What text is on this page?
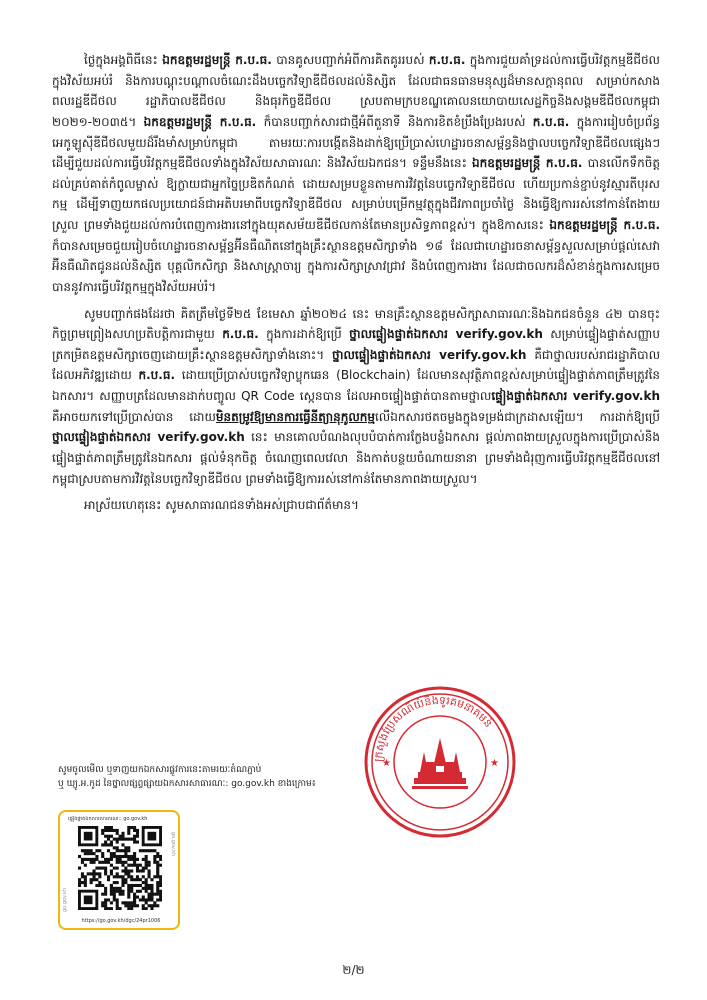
ថ្ងៃក្នុងអង្គពិធីនេះ ឯកឧត្តមរដ្ឋមន្ត្រី ក.ប.ធ. បានគូសបញ្ជាក់អំពីការគិតគូររបស់ ក.ប.ធ. ក្នុងការជួយគាំទ្រដល់ការធ្វើបរិវត្តកម្មឌីជីថលក្នុងវិស័យអប់រំ និងការបណ្ដុះបណ្ដាលចំណេះដឹងបច្ចេកវិទ្យាឌីជីថលដល់និស្សិត ដែលជាធនធានមនុស្សដ៏មានសក្តានុពល សម្រាប់កសាងពលរដ្ឋឌីជីថល រដ្ឋាភិបាលឌីជីថល និងធុរកិច្ចឌីជីថល ស្របតាមក្របខណ្ឌគោលនយោបាយសេដ្ឋកិច្ចនិងសង្គមឌីជីថលកម្ពុជា ២០២១-២០៣៥។ ឯកឧត្តមរដ្ឋមន្ត្រី ក.ប.ធ. ក៏បានបញ្ជាក់សារជាថ្មីអំពីតួនាទី និងការខិតខំប្រឹងប្រែងរបស់ ក.ប.ធ. ក្នុងការរៀបចំប្រព័ន្ធអេកូឡូស៊ីឌីជីថលមួយដ៏រឹងមាំសម្រាប់កម្ពុជា តាមរយៈការបង្កើតនិងដាក់ឱ្យប្រើប្រាស់ហេដ្ឋារចនាសម្ព័ន្ធនិងថ្នាលបច្ចេកវិទ្យាឌីជីថលផ្សេងៗ ដើម្បីជួយដល់ការធ្វើបរិវត្តកម្មឌីជីថលទាំងក្នុងវិស័យសាធារណៈ និងវិស័យឯកជន។ ទន្ទឹមនឹងនេះ ឯកឧត្តមរដ្ឋមន្ត្រី ក.ប.ធ. បានលើកទឹកចិត្តដល់គ្រប់គាត់កំពូលម្ចាស់ ឱ្យក្លាយជាអ្នកច្នៃប្រឌិតកំណត់ ដោយសម្របខ្លួនតាមការវិវត្តនៃបច្ចេកវិទ្យាឌីជីថល ហើយប្រកាន់ខ្ជាប់នូវស្មារតីបុរសកម្ម ដើម្បីទាញយកផលប្រយោជន៍ជាអតិបរមាពីបច្ចេកវិទ្យាឌីជីថល សម្រាប់បម្រើកម្មវត្ថុក្នុងជីវភាពប្រចាំថ្ងៃ និងធ្វើឱ្យការរស់នៅកាន់តែងាយស្រួល ព្រមទាំងជួយដល់ការបំពេញការងារនៅក្នុងយុគសម័យឌីជីថលកាន់តែមានប្រសិទ្ធភាពខ្ពស់។ ក្នុងឱកាសនេះ ឯកឧត្តមរដ្ឋមន្ត្រី ក.ប.ធ. ក៏បានសម្រេចជួយរៀបចំហេដ្ឋារចនាសម្ព័ន្ធអ៊ីនធឺណិតនៅក្នុងគ្រឹះស្ថានឧត្តមសិក្សាទាំង ១៨ ដែលជាហេដ្ឋារចនាសម្ព័ន្ធសួលសម្រាប់ផ្ដល់សេវាអ៊ីនធឺណិតជូនដល់និស្សិត បុគ្គលិកសិក្សា និងសាស្ត្រាចារ្យ ក្នុងការសិក្សាស្រាវជ្រាវ និងបំពេញការងារ ដែលជាចលករដ៏សំខាន់ក្នុងការសម្រេចបាននូវការធ្វើបរិវត្តកម្មក្នុងវិស័យអប់រំ។

សូមបញ្ជាក់ផងដែរថា គិតត្រឹមថ្ងៃទី២៥ ខែមេសា ឆ្នាំ២០២៤ នេះ មានគ្រឹះស្ថានឧត្តមសិក្សាសាធារណៈនិងឯកជនចំនួន ៤២ បានចុះកិច្ចព្រមព្រៀងសហប្រតិបត្តិការជាមួយ ក.ប.ធ. ក្នុងការដាក់ឱ្យប្រើ ថ្នាលផ្ទៀងផ្ទាត់ឯកសារ verify.gov.kh សម្រាប់ផ្ទៀងផ្ទាត់សញ្ញាបត្រកម្រិតឧត្តមសិក្សាចេញដោយគ្រឹះស្ថានឧត្តមសិក្សាទាំងនោះ។ ថ្នាលផ្ទៀងផ្ទាត់ឯកសារ verify.gov.kh គឺជាថ្នាលរបស់រាជរដ្ឋាភិបាល ដែលអភិវឌ្ឍដោយ ក.ប.ធ. ដោយប្រើប្រាស់បច្ចេកវិទ្យាប្លុកឆេន (Blockchain) ដែលមានសុវត្ថិភាពខ្ពស់សម្រាប់ផ្ទៀងផ្ទាត់ភាពត្រឹមត្រូវនៃឯកសារ។ សញ្ញាបត្រដែលមានដាក់បញ្ចូល QR Code ស្កេនបាន ដែលអាចផ្ទៀងផ្ទាត់បានតាមថ្នាលផ្ទៀងផ្ទាត់ឯកសារ verify.gov.kh គឺអាចយកទៅប្រើប្រាស់បាន ដោយមិនតម្រូវឱ្យមានការធ្វើនីត្យានុកូលកម្មលើឯកសារថតចម្លងក្នុងទម្រង់ជាក្រដាសឡើយ។ ការដាក់ឱ្យប្រើ ថ្នាលផ្ទៀងផ្ទាត់ឯកសារ verify.gov.kh នេះ មានគោលបំណងលុបបំបាត់ការក្លែងបន្លំឯកសារ ផ្ដល់ភាពងាយស្រួលក្នុងការប្រើប្រាស់និងផ្ទៀងផ្ទាត់ភាពត្រឹមត្រូវនៃឯកសារ ផ្ដល់ទំនុកចិត្ត ចំណេញពេលវេលា និងកាត់បន្ថយចំណាយនានា ព្រមទាំងជំរុញការធ្វើបរិវត្តកម្មឌីជីថលនៅកម្ពុជាស្របតាមការវិវត្តនៃបច្ចេកវិទ្យាឌីជីថល ព្រមទាំងធ្វើឱ្យការរស់នៅកាន់តែមានភាពងាយស្រួល។

អាស្រ័យហេតុនេះ សូមសាធារណជនទាំងអស់ជ្រាបជាព័ត៌មាន។

សូមចូលមើល ឬទាញយកឯកសារផ្លូវការនេះតាមរយៈតំណភ្ជាប់
ឬ ឃ្យូ.អ.កូដ នៃថ្នាលផ្សព្វផ្សាយឯកសារសាធារណៈ: go.gov.kh ខាងក្រោម៖
ផ្ទៀងផ្ទាត់ឯកសារសាធារណៈ: go.gov.kh
go.gov.kh
go.gov.kh
https://go.gov.kh/dgc/24pr1006
ក្រសួងប្រៃសណីយ៍និងទូរគមនាគមន៍
★	★
២/២
